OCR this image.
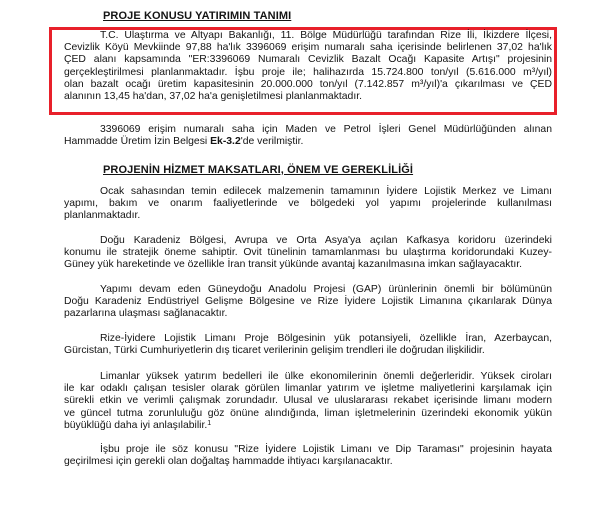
PROJE KONUSU YATIRIMIN TANIMI
T.C. Ulaştırma ve Altyapı Bakanlığı, 11. Bölge Müdürlüğü tarafından Rize İli, İkizdere İlçesi,
Cevizlik Köyü Mevkiinde 97,88 ha'lık 3396069 erişim numaralı saha içerisinde belirlenen 37,02 ha'lık
ÇED alanı kapsamında "ER:3396069 Numaralı Cevizlik Bazalt Ocağı Kapasite Artışı" projesinin
gerçekleştirilmesi planlanmaktadır. İşbu proje ile; halihazırda 15.724.800 ton/yıl (5.616.000 m³/yıl)
olan bazalt ocağı üretim kapasitesinin 20.000.000 ton/yıl (7.142.857 m³/yıl)'a çıkarılması ve ÇED
alanının 13,45 ha'dan, 37,02 ha'a genişletilmesi planlanmaktadır.
3396069 erişim numaralı saha için Maden ve Petrol İşleri Genel Müdürlüğünden alınan
Hammadde Üretim İzin Belgesi Ek-3.2'de verilmiştir.
PROJENİN HİZMET MAKSATLARI, ÖNEM VE GEREKLİLİĞİ
Ocak sahasından temin edilecek malzemenin tamamının İyidere Lojistik Merkez ve Limanı
yapımı, bakım ve onarım faaliyetlerinde ve bölgedeki yol yapımı projelerinde kullanılması
planlanmaktadır.
Doğu Karadeniz Bölgesi, Avrupa ve Orta Asya'ya açılan Kafkasya koridoru üzerindeki
konumu ile stratejik öneme sahiptir. Ovit tünelinin tamamlanması bu ulaştırma koridorundaki Kuzey-
Güney yük hareketinde ve özellikle İran transit yükünde avantaj kazanılmasına imkan sağlayacaktır.
Yapımı devam eden Güneydoğu Anadolu Projesi (GAP) ürünlerinin önemli bir bölümünün
Doğu Karadeniz Endüstriyel Gelişme Bölgesine ve Rize İyidere Lojistik Limanına çıkarılarak Dünya
pazarlarına ulaşması sağlanacaktır.
Rize-İyidere Lojistik Limanı Proje Bölgesinin yük potansiyeli, özellikle İran, Azerbaycan,
Gürcistan, Türki Cumhuriyetlerin dış ticaret verilerinin gelişim trendleri ile doğrudan ilişkilidir.
Limanlar yüksek yatırım bedelleri ile ülke ekonomilerinin önemli değerleridir. Yüksek ciroları
ile kar odaklı çalışan tesisler olarak görülen limanlar yatırım ve işletme maliyetlerini karşılamak için
sürekli etkin ve verimli çalışmak zorundadır. Ulusal ve uluslararası rekabet içerisinde limanı modern
ve güncel tutma zorunluluğu göz önüne alındığında, liman işletmelerinin üzerindeki ekonomik yükün
büyüklüğü daha iyi anlaşılabilir.$^1$
İşbu proje ile söz konusu "Rize İyidere Lojistik Limanı ve Dip Taraması" projesinin hayata
geçirilmesi için gerekli olan doğaltaş hammadde ihtiyacı karşılanacaktır.
